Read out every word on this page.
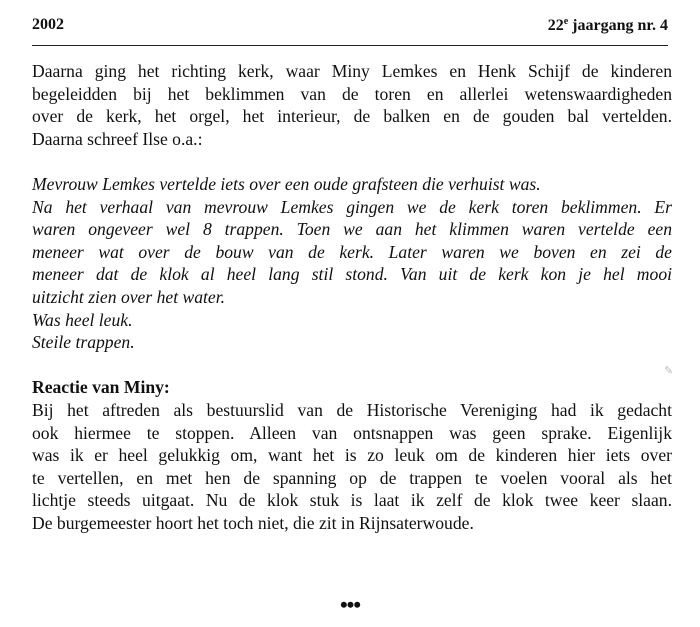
2002	22e jaargang nr. 4
Daarna ging het richting kerk, waar Miny Lemkes en Henk Schijf de kinderen
begeleidden bij het beklimmen van de toren en allerlei wetenswaardigheden
over de kerk, het orgel, het interieur, de balken en de gouden bal vertelden.
Daarna schreef Ilse o.a.:
Mevrouw Lemkes vertelde iets over een oude grafsteen die verhuist was.
Na het verhaal van mevrouw Lemkes gingen we de kerk toren beklimmen. Er
waren ongeveer wel 8 trappen. Toen we aan het klimmen waren vertelde een
meneer wat over de bouw van de kerk. Later waren we boven en zei de
meneer dat de klok al heel lang stil stond. Van uit de kerk kon je hel mooi
uitzicht zien over het water.
Was heel leuk.
Steile trappen.
Reactie van Miny:
Bij het aftreden als bestuurslid van de Historische Vereniging had ik gedacht
ook hiermee te stoppen. Alleen van ontsnappen was geen sprake. Eigenlijk
was ik er heel gelukkig om, want het is zo leuk om de kinderen hier iets over
te vertellen, en met hen de spanning op de trappen te voelen vooral als het
lichtje steeds uitgaat. Nu de klok stuk is laat ik zelf de klok twee keer slaan.
De burgemeester hoort het toch niet, die zit in Rijnsaterwoude.
✎
•••
